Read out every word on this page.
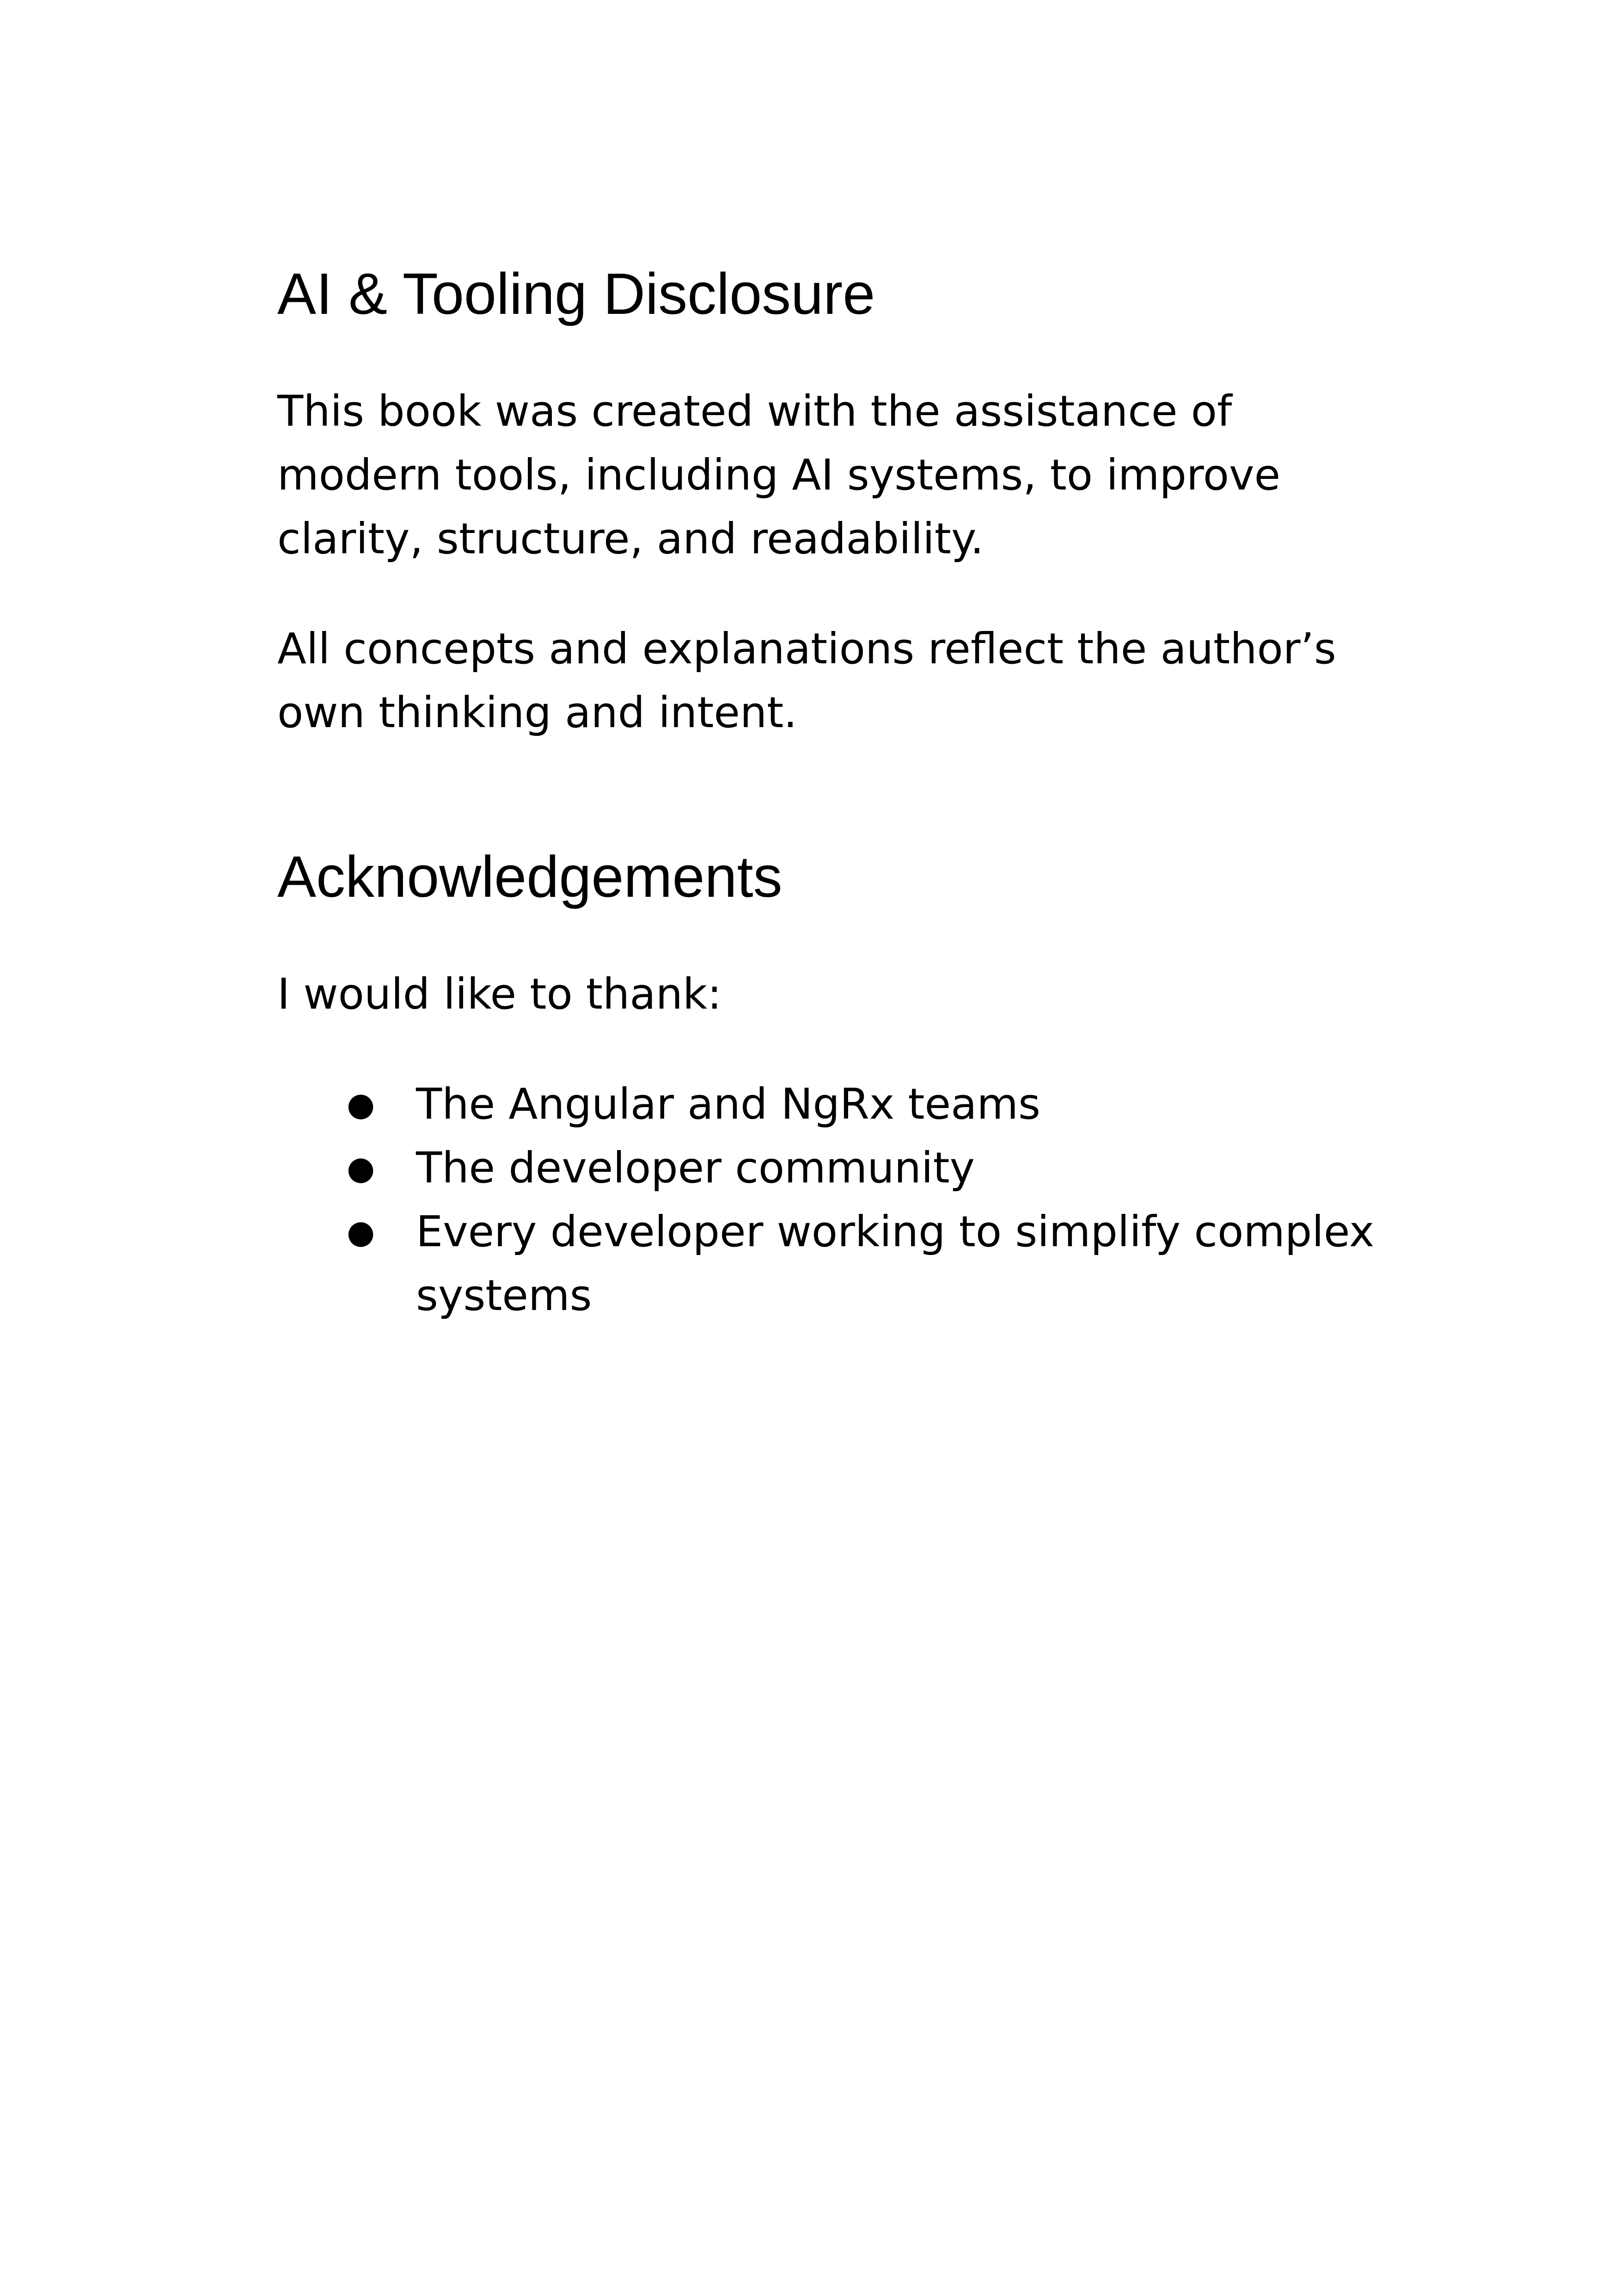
AI & Tooling Disclosure

This book was created with the assistance of modern tools, including AI systems, to improve clarity, structure, and readability.

All concepts and explanations reflect the author’s own thinking and intent.

Acknowledgements

I would like to thank:

● The Angular and NgRx teams
● The developer community
● Every developer working to simplify complex systems
